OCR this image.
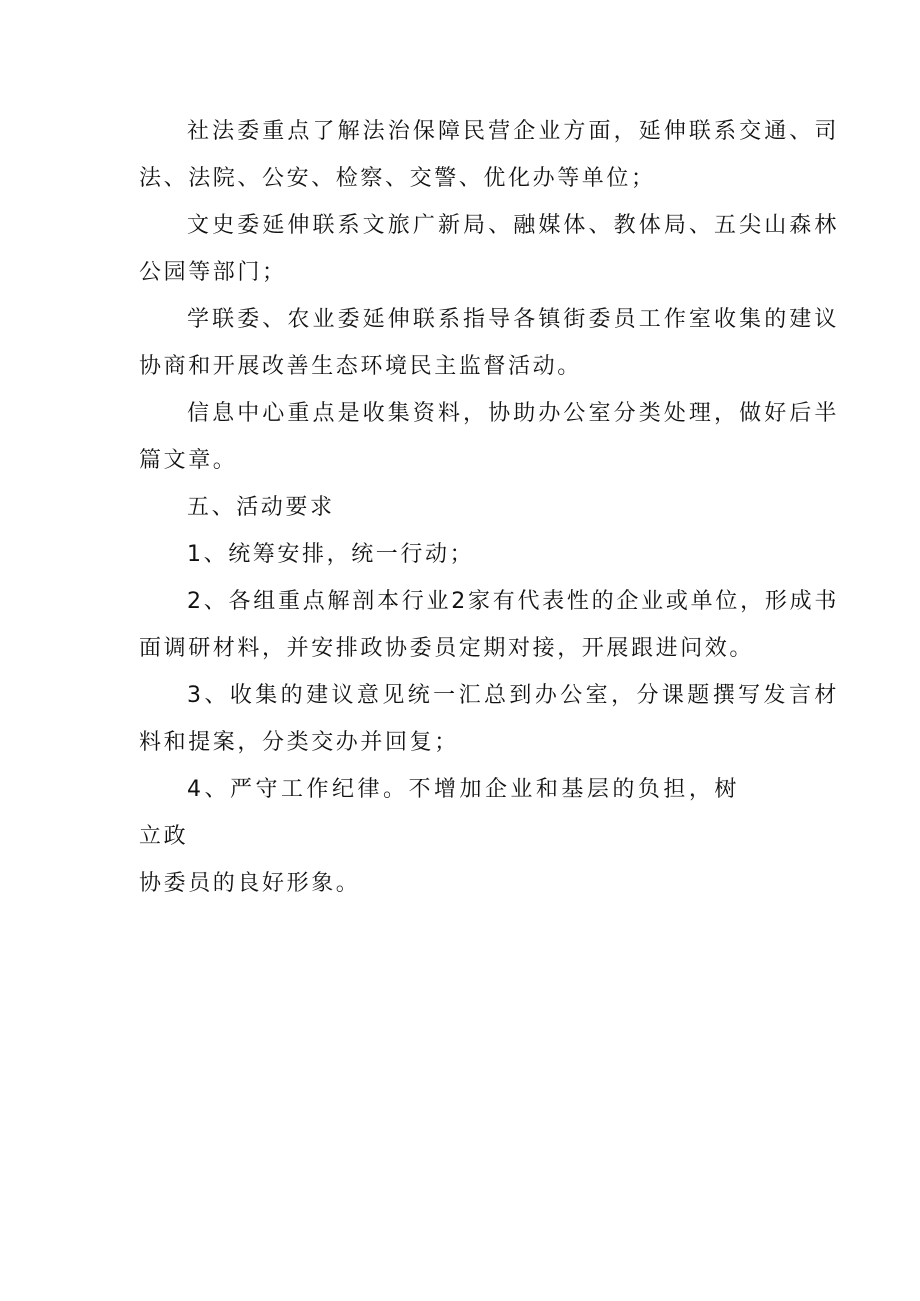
社法委重点了解法治保障民营企业方面，延伸联系交通、司法、法院、公安、检察、交警、优化办等单位；

文史委延伸联系文旅广新局、融媒体、教体局、五尖山森林公园等部门；

学联委、农业委延伸联系指导各镇街委员工作室收集的建议协商和开展改善生态环境民主监督活动。

信息中心重点是收集资料，协助办公室分类处理，做好后半篇文章。

五、活动要求

1、统筹安排，统一行动；

2、各组重点解剖本行业2家有代表性的企业或单位，形成书面调研材料，并安排政协委员定期对接，开展跟进问效。

3、收集的建议意见统一汇总到办公室，分课题撰写发言材料和提案，分类交办并回复；

4、严守工作纪律。不增加企业和基层的负担，树立政

协委员的良好形象。
